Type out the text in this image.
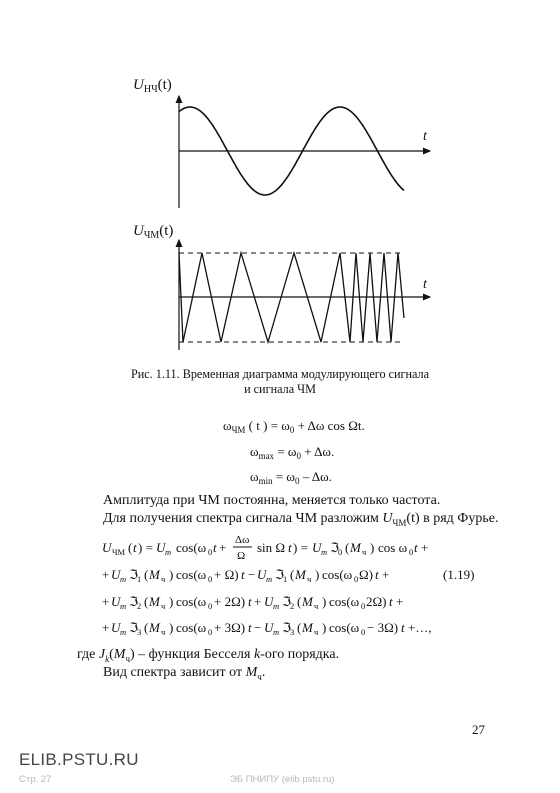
$U_{НЧ}(t)$
t
$U_{ЧМ}(t)$
t
Рис. 1.11. Временная диаграмма модулирующего сигнала
и сигнала ЧМ
$\omega_{ЧМ}$ ( t ) = $\omega_0 + \Delta\omega$ cos Ωt.
$\omega_{max} = \omega_0 + \Delta\omega$.
$\omega_{min} = \omega_0 - \Delta\omega$.
Амплитуда при ЧМ постоянна, меняется только частота.
Для получения спектра сигнала ЧМ разложим $U_{ЧМ}(t)$ в ряд Фурье.
U ЧМ ( t ) = U m cos(ω 0 t + Δω
Ω
sin Ω t ) = U m ℑ
0 ( M ч ) cos ω 0 t +
+ U m ℑ
1 ( M ч ) cos(ω 0 + Ω) t − U m ℑ
1 ( M ч ) cos(ω 0 Ω) t +	(1.19)
+ U m ℑ
2 ( M ч ) cos(ω 0 + 2Ω) t + U m ℑ
2 ( M ч ) cos(ω 0 2Ω) t +
+ U m ℑ
3 ( M ч ) cos(ω 0 + 3Ω) t − U m ℑ
3 ( M ч ) cos(ω 0 − 3Ω) t +…,
где $J_k(M_ч)$ – функция Бесселя k-ого порядка.
Вид спектра зависит от $M_ч$.
27
ELIB.PSTU.RU
Стр. 27	ЭБ ПНИПУ (elib.pstu.ru)
